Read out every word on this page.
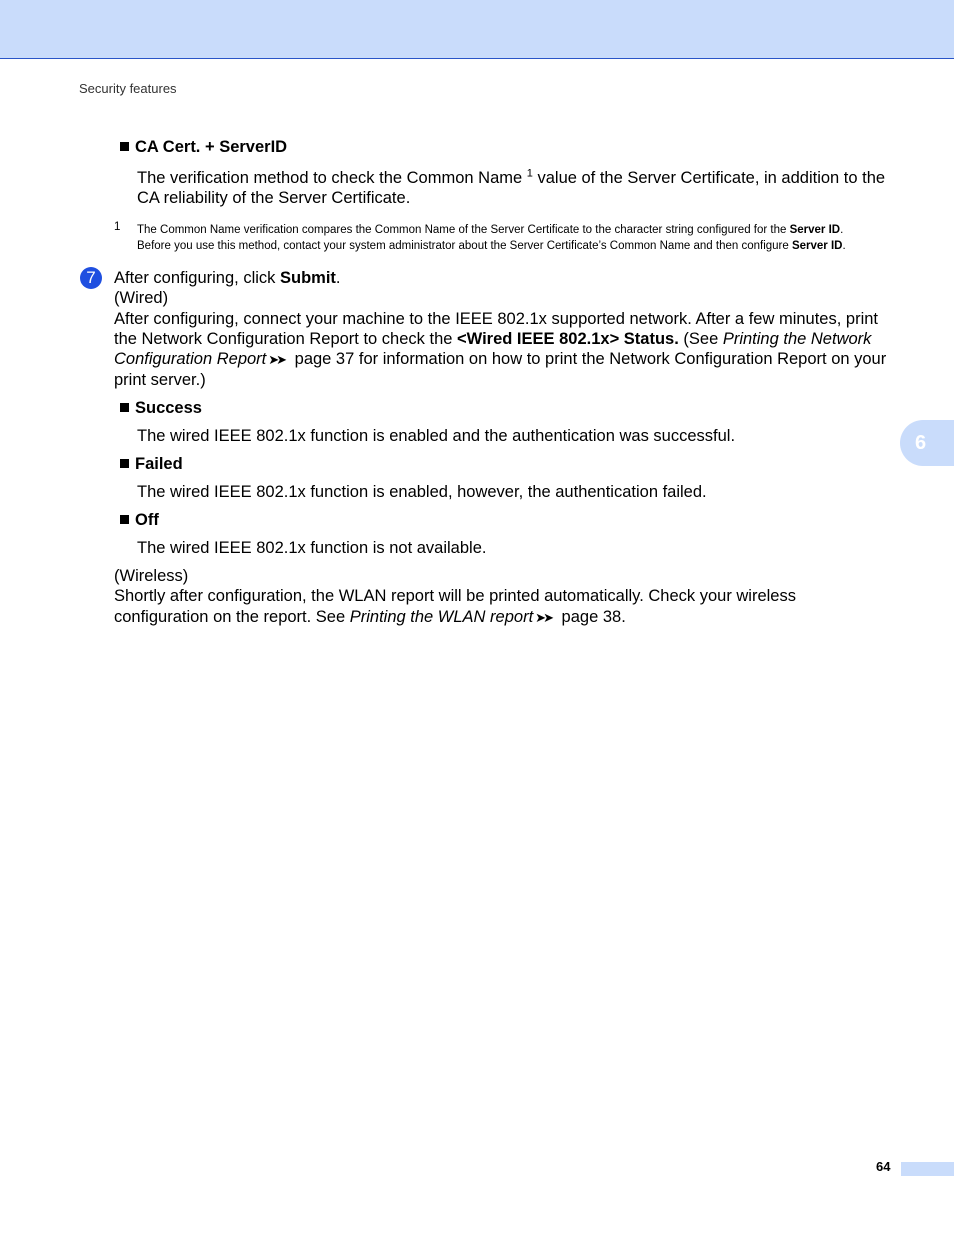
Security features
6
CA Cert. + ServerID
The verification method to check the Common Name $^1$ value of the Server Certificate, in addition to the CA reliability of the Server Certificate.
1 The Common Name verification compares the Common Name of the Server Certificate to the character string configured for the Server ID.
Before you use this method, contact your system administrator about the Server Certificate’s Common Name and then configure Server ID.
7	After configuring, click Submit.
(Wired)
After configuring, connect your machine to the IEEE 802.1x supported network. After a few minutes, print the Network Configuration Report to check the <Wired IEEE 802.1x> Status. (See Printing the Network Configuration Report ➤➤ page 37 for information on how to print the Network Configuration Report on your print server.)
Success
The wired IEEE 802.1x function is enabled and the authentication was successful.
Failed
The wired IEEE 802.1x function is enabled, however, the authentication failed.
Off
The wired IEEE 802.1x function is not available.
(Wireless)
Shortly after configuration, the WLAN report will be printed automatically. Check your wireless configuration on the report. See Printing the WLAN report ➤➤ page 38.
64
